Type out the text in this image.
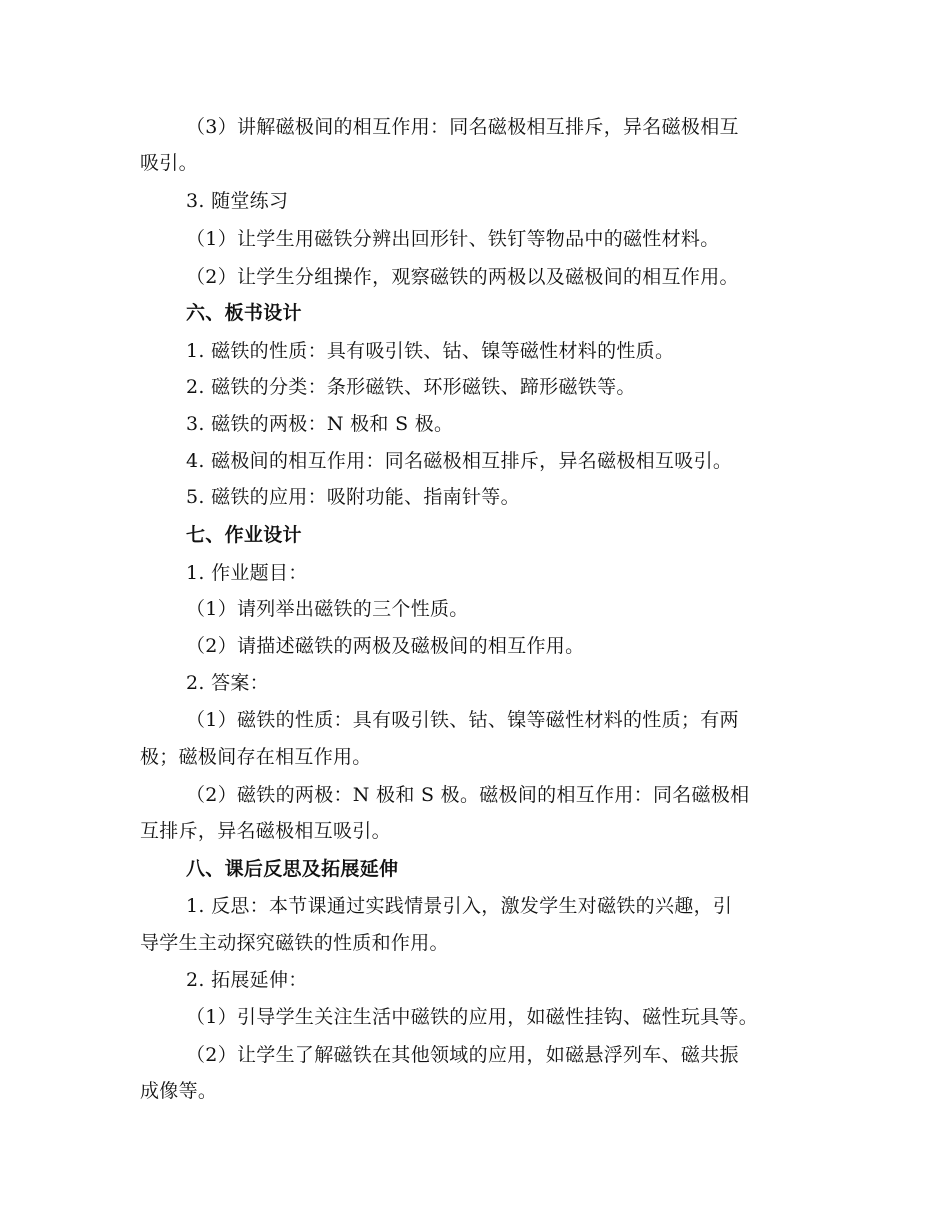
（3）讲解磁极间的相互作用：同名磁极相互排斥，异名磁极相互
吸引。
3. 随堂练习
（1）让学生用磁铁分辨出回形针、铁钉等物品中的磁性材料。
（2）让学生分组操作，观察磁铁的两极以及磁极间的相互作用。
六、板书设计
1. 磁铁的性质：具有吸引铁、钴、镍等磁性材料的性质。
2. 磁铁的分类：条形磁铁、环形磁铁、蹄形磁铁等。
3. 磁铁的两极：N 极和 S 极。
4. 磁极间的相互作用：同名磁极相互排斥，异名磁极相互吸引。
5. 磁铁的应用：吸附功能、指南针等。
七、作业设计
1. 作业题目：
（1）请列举出磁铁的三个性质。
（2）请描述磁铁的两极及磁极间的相互作用。
2. 答案：
（1）磁铁的性质：具有吸引铁、钴、镍等磁性材料的性质；有两
极；磁极间存在相互作用。
（2）磁铁的两极：N 极和 S 极。磁极间的相互作用：同名磁极相
互排斥，异名磁极相互吸引。
八、课后反思及拓展延伸
1. 反思：本节课通过实践情景引入，激发学生对磁铁的兴趣，引
导学生主动探究磁铁的性质和作用。
2. 拓展延伸：
（1）引导学生关注生活中磁铁的应用，如磁性挂钩、磁性玩具等。
（2）让学生了解磁铁在其他领域的应用，如磁悬浮列车、磁共振
成像等。
